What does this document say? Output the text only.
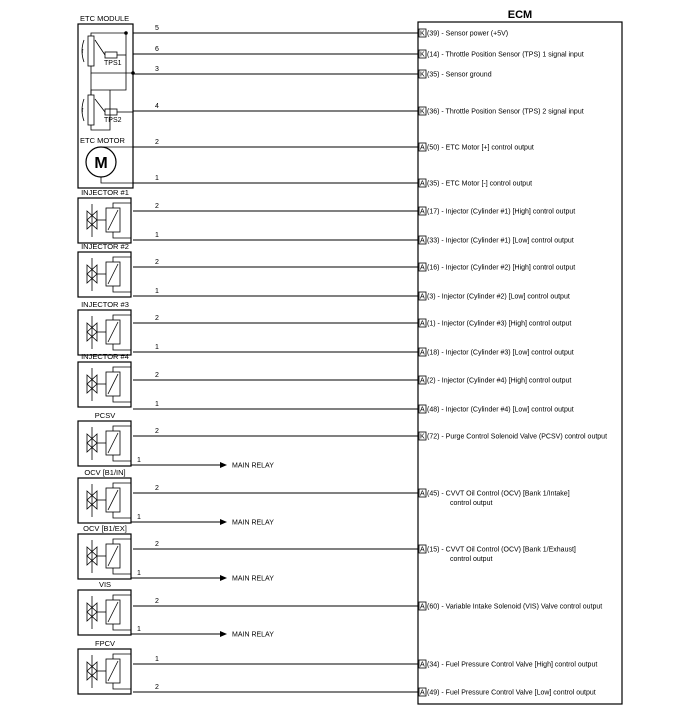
ECM
ETC MODULE
↑
TPS1
↑
TPS2
ETC MOTOR
M
5
K (39) - Sensor power (+5V)
6
K (14) - Throttle Position Sensor (TPS) 1 signal input
3
K (35) - Sensor ground
4
K (36) - Throttle Position Sensor (TPS) 2 signal input
2
A (50) - ETC Motor [+] control output
1
A (35) - ETC Motor [-] control output
2
A (17) - Injector (Cylinder #1) [High] control output
1
A (33) - Injector (Cylinder #1) [Low] control output
2
A (16) - Injector (Cylinder #2) [High] control output
1
A (3) - Injector (Cylinder #2) [Low] control output
2
A (1) - Injector (Cylinder #3) [High] control output
1
A (18) - Injector (Cylinder #3) [Low] control output
2
A (2) - Injector (Cylinder #4) [High] control output
1
A (48) - Injector (Cylinder #4) [Low] control output
2
K (72) - Purge Control Solenoid Valve (PCSV) control output
2
A (45) - CVVT Oil Control (OCV) [Bank 1/Intake]
control output
2
A (15) - CVVT Oil Control (OCV) [Bank 1/Exhaust]
control output
2
A (60) - Variable Intake Solenoid (VIS) Valve control output
1
A (34) - Fuel Pressure Control Valve [High] control output
2
A (49) - Fuel Pressure Control Valve [Low] control output
INJECTOR #1
INJECTOR #2
INJECTOR #3
INJECTOR #4
PCSV
MAIN RELAY
1
OCV [B1/IN]
MAIN RELAY
1
OCV [B1/EX]
MAIN RELAY
1
VIS
MAIN RELAY
1
FPCV
